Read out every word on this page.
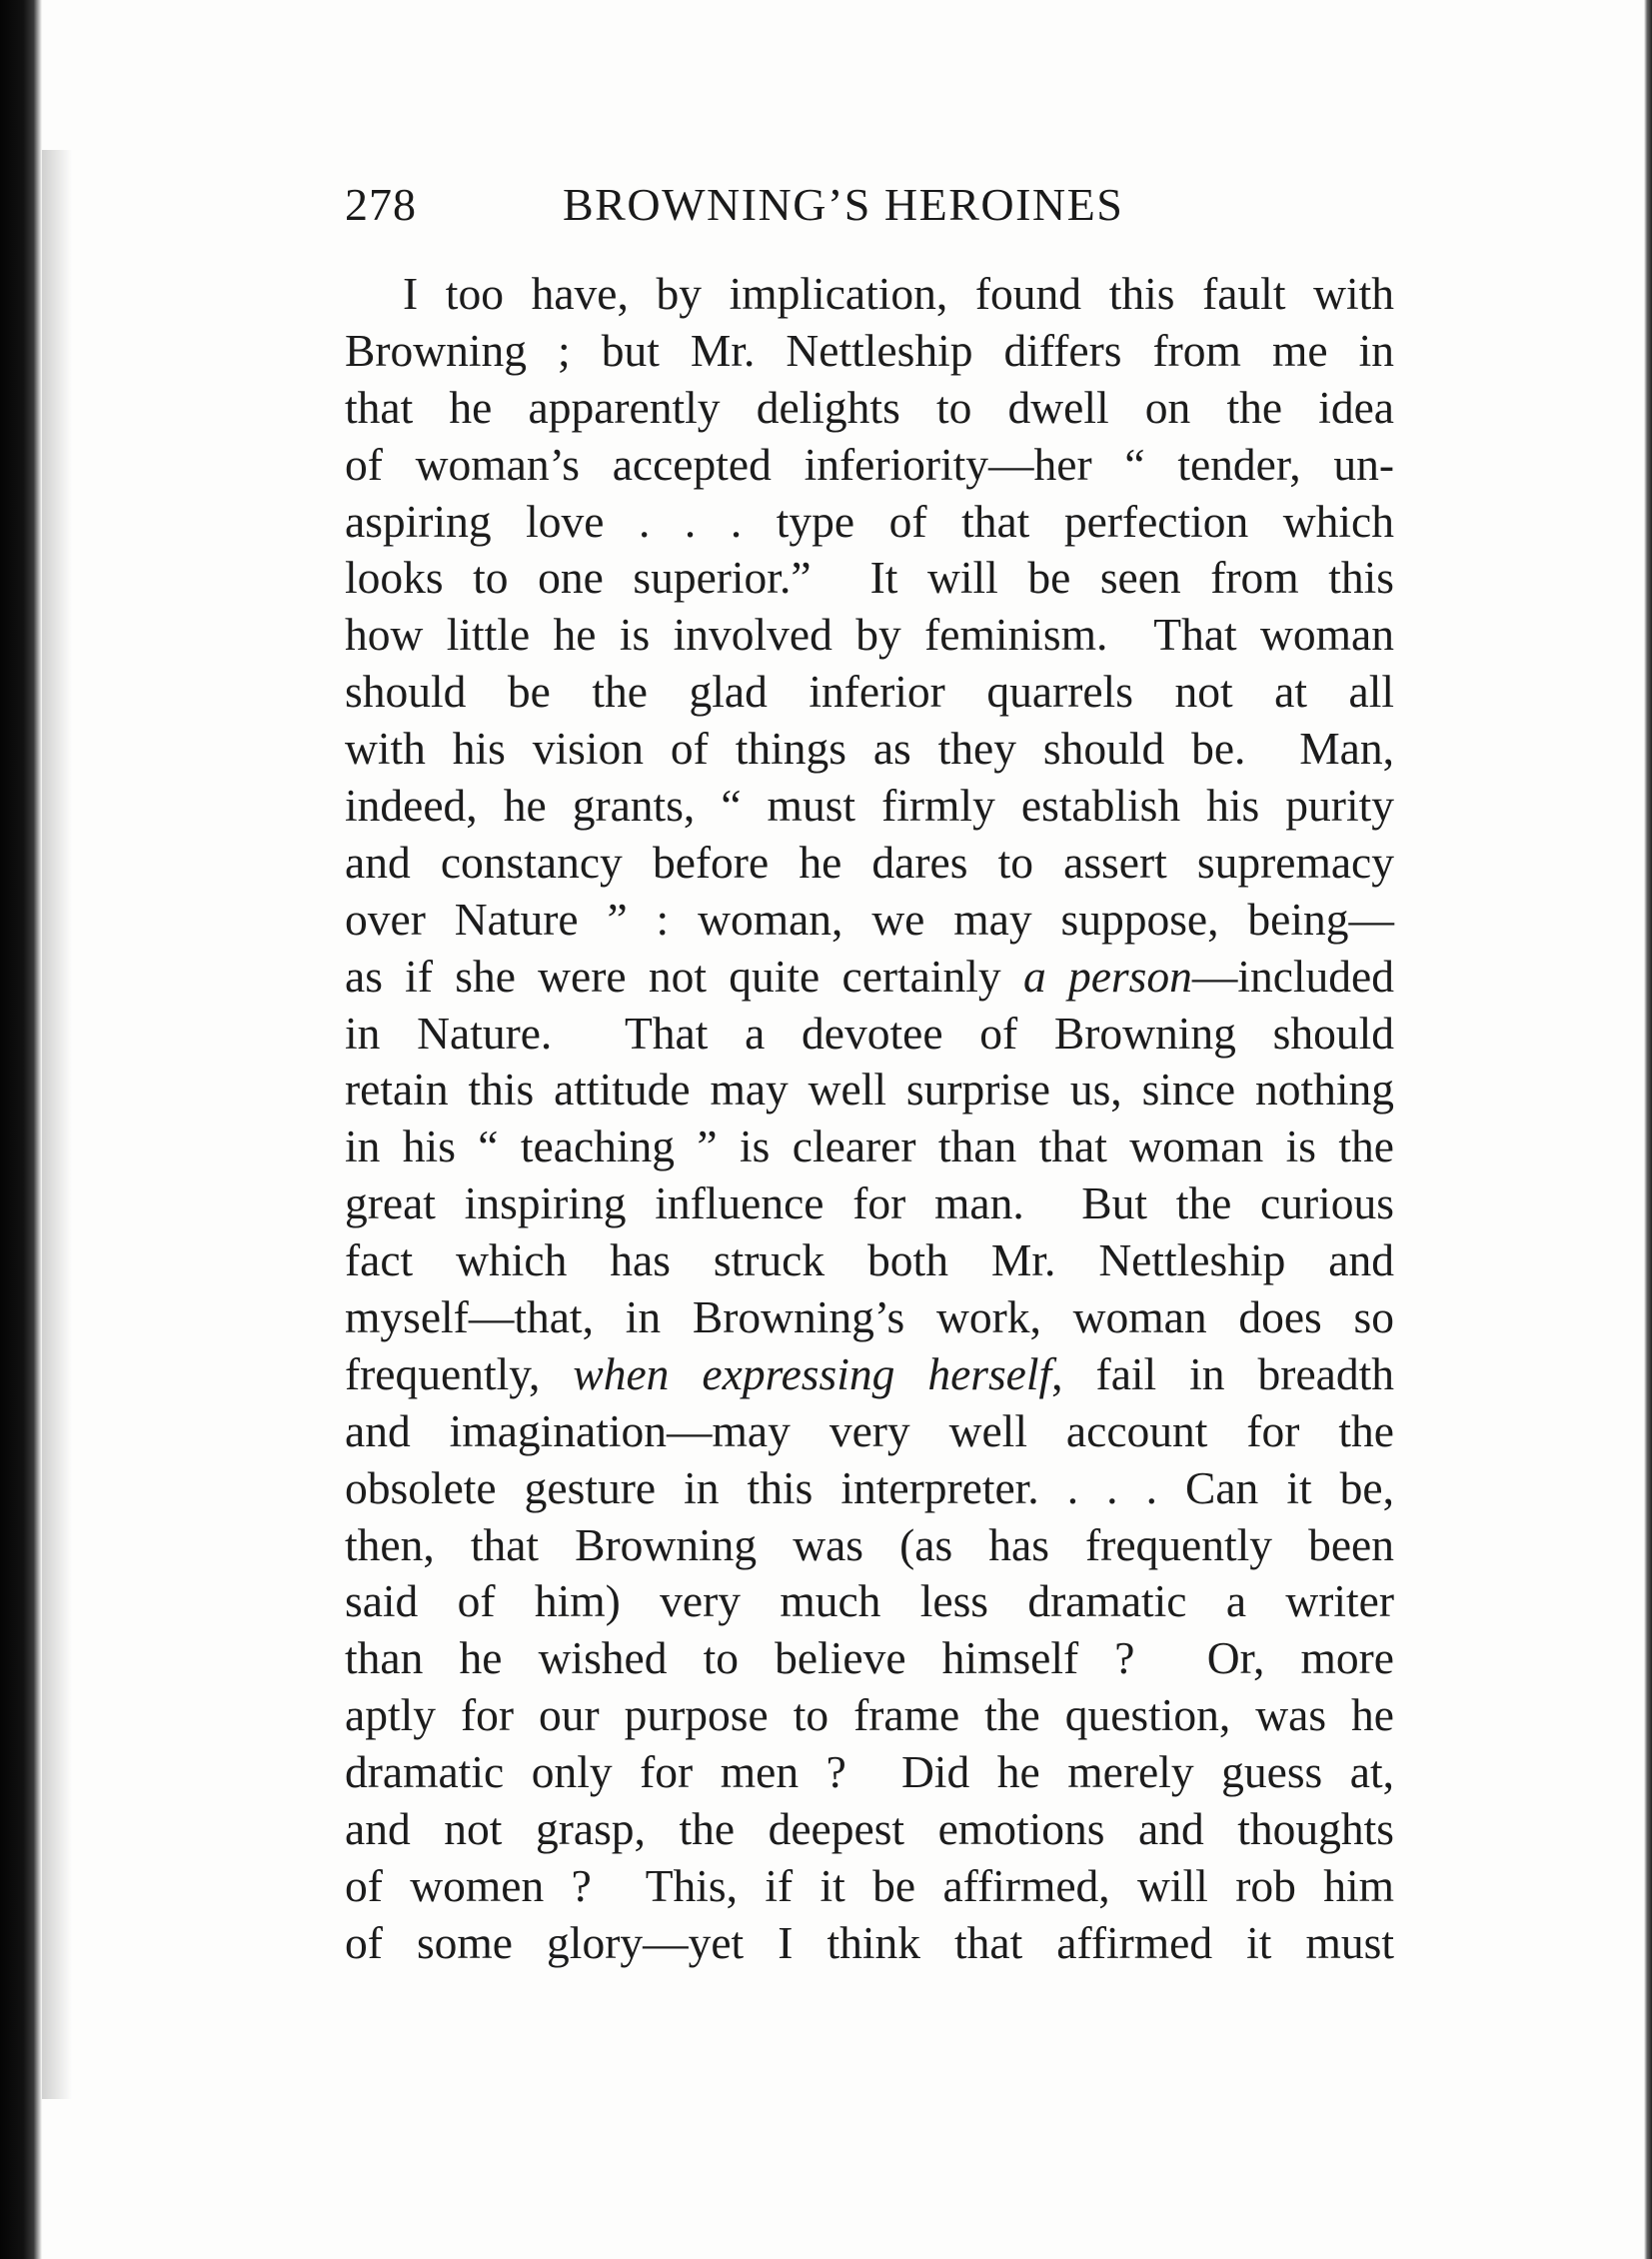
278	BROWNING’S HEROINES
I too have, by implication, found this fault with
Browning ; but Mr. Nettleship differs from me in
that he apparently delights to dwell on the idea
of woman’s accepted inferiority—her “ tender, un-
aspiring love . . . type of that perfection which
looks to one superior.”  It will be seen from this
how little he is involved by feminism.  That woman
should be the glad inferior quarrels not at all
with his vision of things as they should be.  Man,
indeed, he grants, “ must firmly establish his purity
and constancy before he dares to assert supremacy
over Nature ” : woman, we may suppose, being—
as if she were not quite certainly a person—included
in Nature.  That a devotee of Browning should
retain this attitude may well surprise us, since nothing
in his “ teaching ” is clearer than that woman is the
great inspiring influence for man.  But the curious
fact which has struck both Mr. Nettleship and
myself—that, in Browning’s work, woman does so
frequently, when expressing herself, fail in breadth
and imagination—may very well account for the
obsolete gesture in this interpreter. . . . Can it be,
then, that Browning was (as has frequently been
said of him) very much less dramatic a writer
than he wished to believe himself ?  Or, more
aptly for our purpose to frame the question, was he
dramatic only for men ?  Did he merely guess at,
and not grasp, the deepest emotions and thoughts
of women ?  This, if it be affirmed, will rob him
of some glory—yet I think that affirmed it must
